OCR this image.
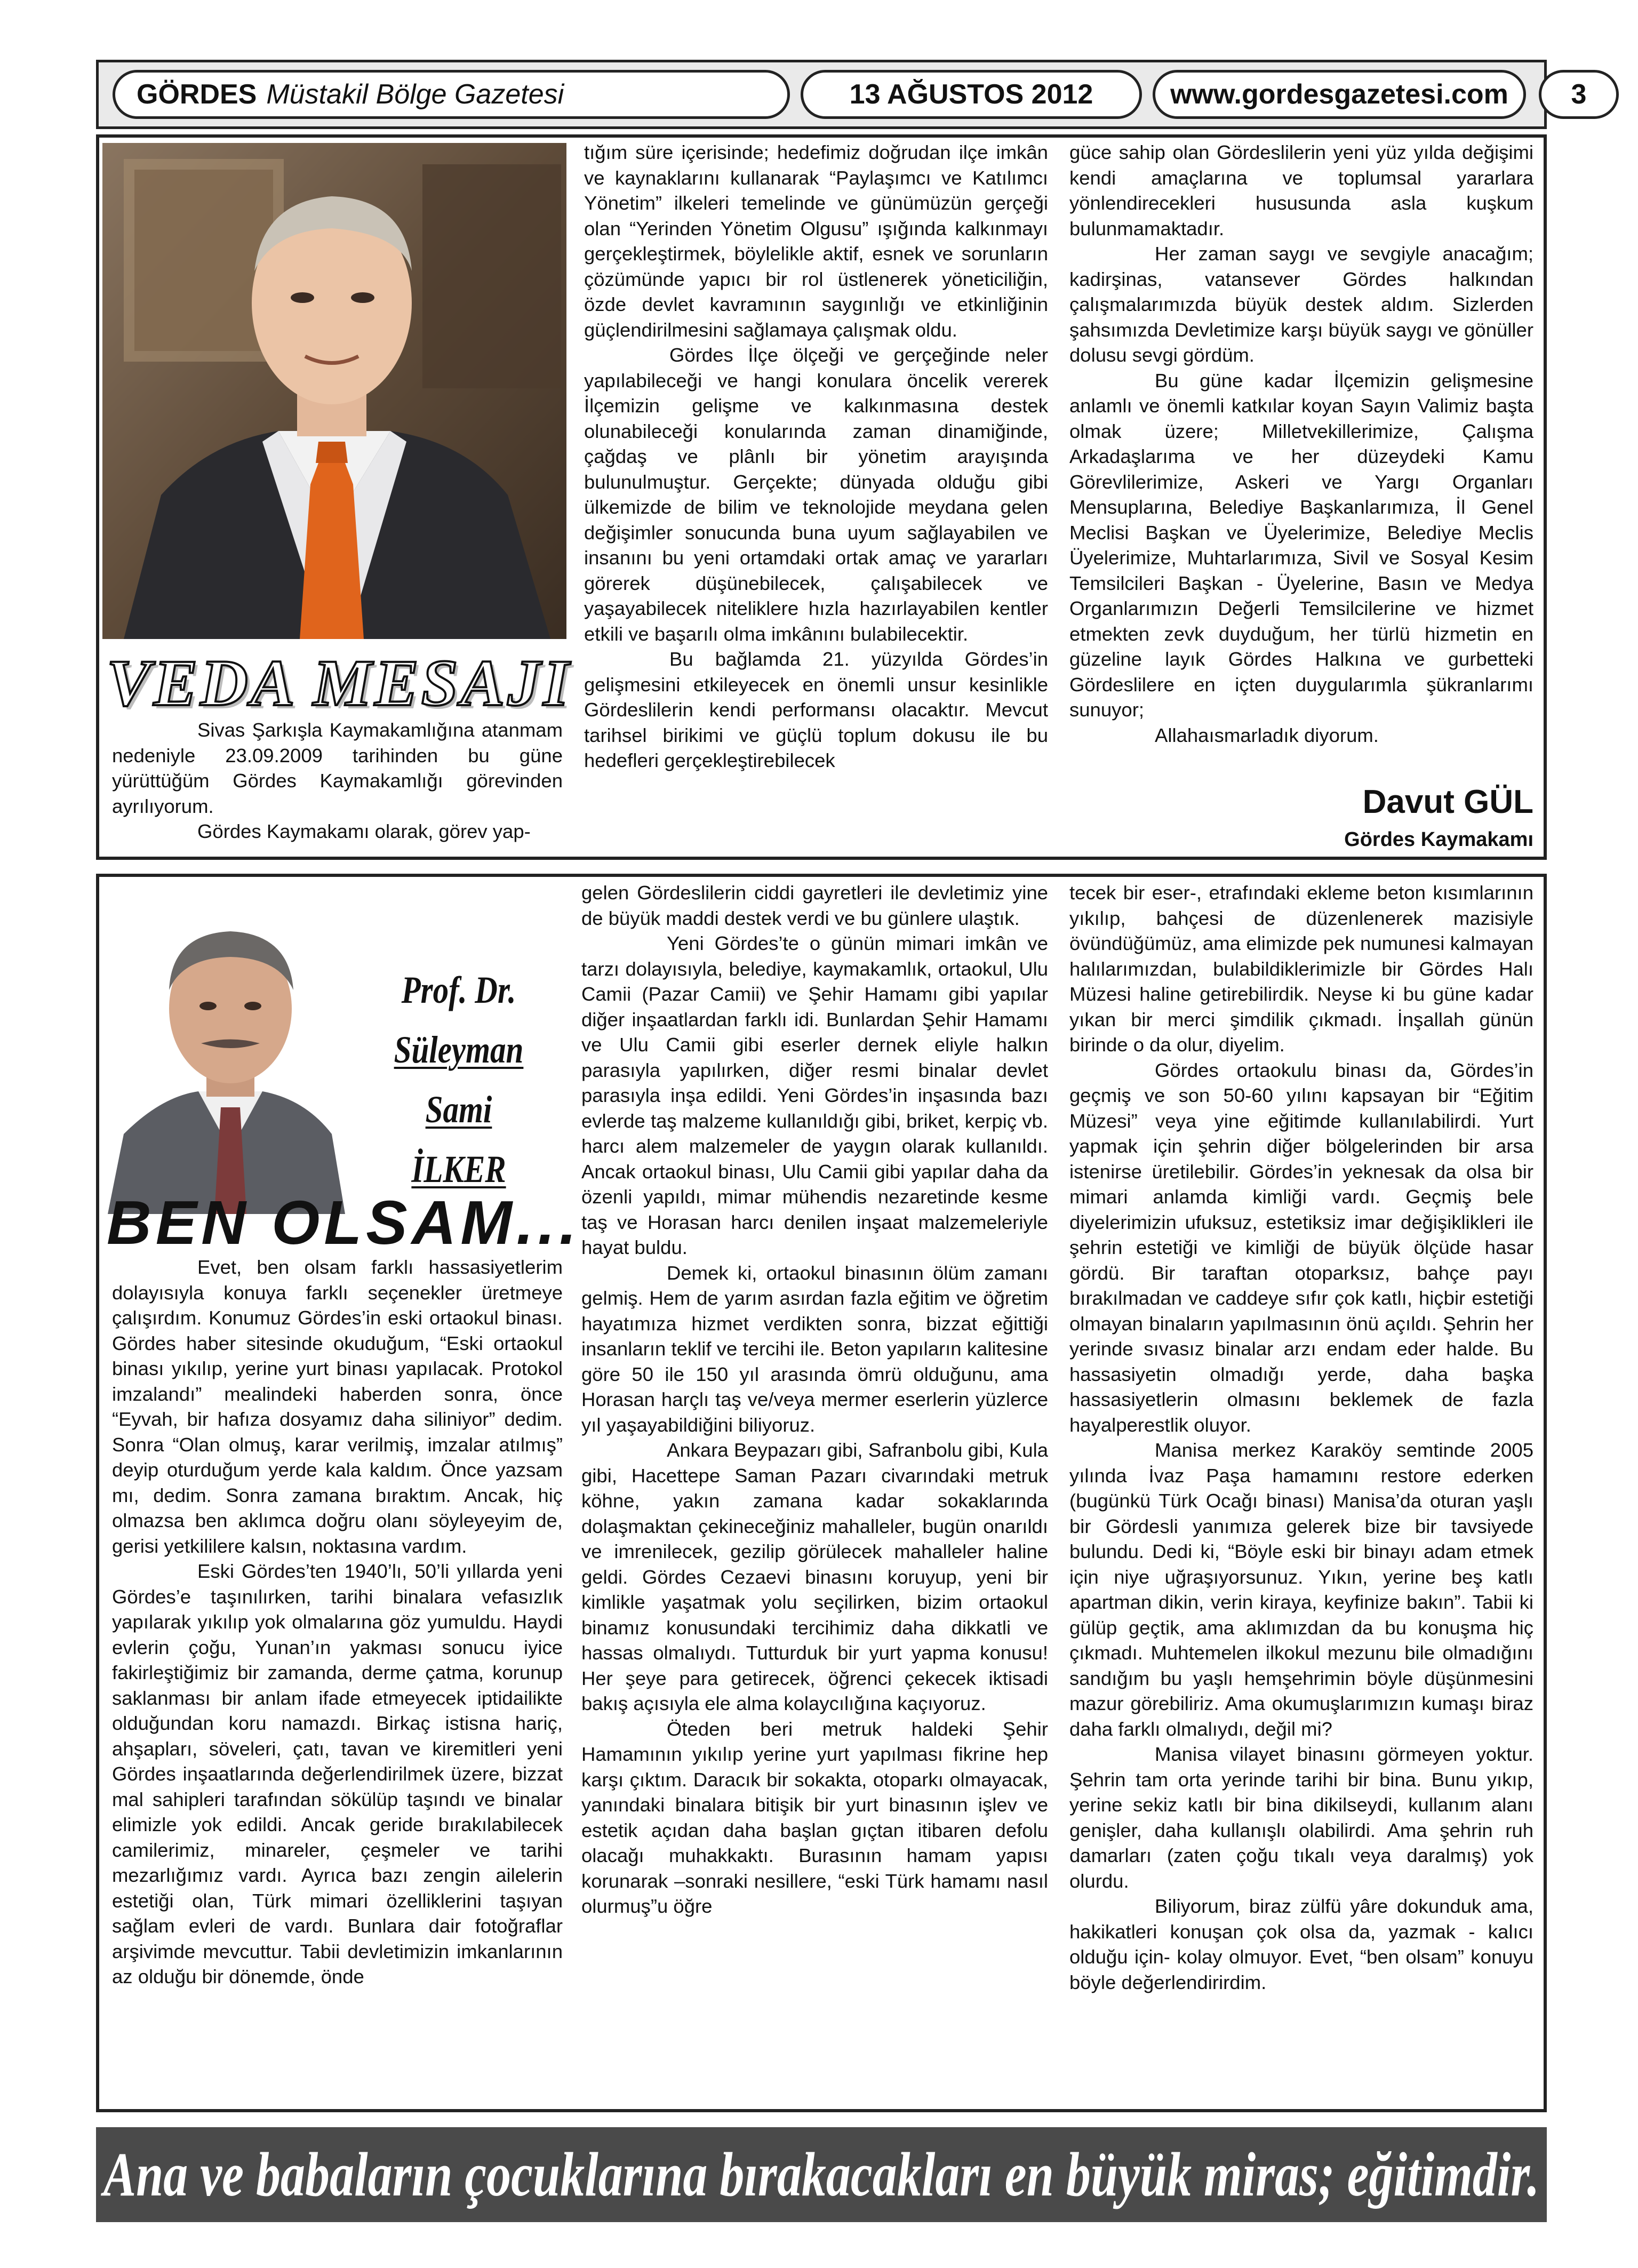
GÖRDES Müstakil Bölge Gazetesi	13 AĞUSTOS 2012	www.gordesgazetesi.com	3
VEDA MESAJI

Sivas Şarkışla Kaymakamlığına atanmam nedeniyle 23.09.2009 tarihinden bu güne yürüttüğüm Gördes Kaymakamlığı görevinden ayrılıyorum.

Gördes Kaymakamı olarak, görev yap-

tığım süre içerisinde; hedefimiz doğrudan ilçe imkân ve kaynaklarını kullanarak “Paylaşımcı ve Katılımcı Yönetim” ilkeleri temelinde ve günümüzün gerçeği olan “Yerinden Yönetim Olgusu” ışığında kalkınmayı gerçekleştirmek, böylelikle aktif, esnek ve sorunların çözümünde yapıcı bir rol üstlenerek yöneticiliğin, özde devlet kavramının saygınlığı ve etkinliğinin güçlendirilmesini sağlamaya çalışmak oldu.

Gördes İlçe ölçeği ve gerçeğinde neler yapılabileceği ve hangi konulara öncelik vererek İlçemizin gelişme ve kalkınmasına destek olunabileceği konularında zaman dinamiğinde, çağdaş ve plânlı bir yönetim arayışında bulunulmuştur. Gerçekte; dünyada olduğu gibi ülkemizde de bilim ve teknolojide meydana gelen değişimler sonucunda buna uyum sağlayabilen ve insanını bu yeni ortamdaki ortak amaç ve yararları görerek düşünebilecek, çalışabilecek ve yaşayabilecek niteliklere hızla hazırlayabilen kentler etkili ve başarılı olma imkânını bulabilecektir.

Bu bağlamda 21. yüzyılda Gördes’in gelişmesini etkileyecek en önemli unsur kesinlikle Gördeslilerin kendi performansı olacaktır. Mevcut tarihsel birikimi ve güçlü toplum dokusu ile bu hedefleri gerçekleştirebilecek

güce sahip olan Gördeslilerin yeni yüz yılda değişimi kendi amaçlarına ve toplumsal yararlara yönlendirecekleri hususunda asla kuşkum bulunmamaktadır.

Her zaman saygı ve sevgiyle anacağım; kadirşinas, vatansever Gördes halkından çalışmalarımızda büyük destek aldım. Sizlerden şahsımızda Devletimize karşı büyük saygı ve gönüller dolusu sevgi gördüm.

Bu güne kadar İlçemizin gelişmesine anlamlı ve önemli katkılar koyan Sayın Valimiz başta olmak üzere; Milletvekillerimize, Çalışma Arkadaşlarıma ve her düzeydeki Kamu Görevlilerimize, Askeri ve Yargı Organları Mensuplarına, Belediye Başkanlarımıza, İl Genel Meclisi Başkan ve Üyelerimize, Belediye Meclis Üyelerimize, Muhtarlarımıza, Sivil ve Sosyal Kesim Temsilcileri Başkan - Üyelerine, Basın ve Medya Organlarımızın Değerli Temsilcilerine ve hizmet etmekten zevk duyduğum, her türlü hizmetin en güzeline layık Gördes Halkına ve gurbetteki Gördeslilere en içten duygularımla şükranlarımı sunuyor;

Allahaısmarladık diyorum.

Davut GÜL
Gördes Kaymakamı
Prof. Dr.
Süleyman Sami
İLKER
BEN OLSAM...

Evet, ben olsam farklı hassasiyetlerim dolayısıyla konuya farklı seçenekler üretmeye çalışırdım. Konumuz Gördes’in eski ortaokul binası. Gördes haber sitesinde okuduğum, “Eski ortaokul binası yıkılıp, yerine yurt binası yapılacak. Protokol imzalandı” mealindeki haberden sonra, önce “Eyvah, bir hafıza dosyamız daha siliniyor” dedim. Sonra “Olan olmuş, karar verilmiş, imzalar atılmış” deyip oturduğum yerde kala kaldım. Önce yazsam mı, dedim. Sonra zamana bıraktım. Ancak, hiç olmazsa ben aklımca doğru olanı söyleyeyim de, gerisi yetkililere kalsın, noktasına vardım.

Eski Gördes’ten 1940’lı, 50’li yıllarda yeni Gördes’e taşınılırken, tarihi binalara vefasızlık yapılarak yıkılıp yok olmalarına göz yumuldu. Haydi evlerin çoğu, Yunan’ın yakması sonucu iyice fakirleştiğimiz bir zamanda, derme çatma, korunup saklanması bir anlam ifade etmeyecek iptidailikte olduğundan koru namazdı. Birkaç istisna hariç, ahşapları, söveleri, çatı, tavan ve kiremitleri yeni Gördes inşaatlarında değerlendirilmek üzere, bizzat mal sahipleri tarafından sökülüp taşındı ve binalar elimizle yok edildi. Ancak geride bırakılabilecek camilerimiz, minareler, çeşmeler ve tarihi mezarlığımız vardı. Ayrıca bazı zengin ailelerin estetiği olan, Türk mimari özelliklerini taşıyan sağlam evleri de vardı. Bunlara dair fotoğraflar arşivimde mevcuttur. Tabii devletimizin imkanlarının az olduğu bir dönemde, önde

gelen Gördeslilerin ciddi gayretleri ile devletimiz yine de büyük maddi destek verdi ve bu günlere ulaştık.

Yeni Gördes’te o günün mimari imkân ve tarzı dolayısıyla, belediye, kaymakamlık, ortaokul, Ulu Camii (Pazar Camii) ve Şehir Hamamı gibi yapılar diğer inşaatlardan farklı idi. Bunlardan Şehir Hamamı ve Ulu Camii gibi eserler dernek eliyle halkın parasıyla yapılırken, diğer resmi binalar devlet parasıyla inşa edildi. Yeni Gördes’in inşasında bazı evlerde taş malzeme kullanıldığı gibi, briket, kerpiç vb. harcı alem malzemeler de yaygın olarak kullanıldı. Ancak ortaokul binası, Ulu Camii gibi yapılar daha da özenli yapıldı, mimar mühendis nezaretinde kesme taş ve Horasan harcı denilen inşaat malzemeleriyle hayat buldu.

Demek ki, ortaokul binasının ölüm zamanı gelmiş. Hem de yarım asırdan fazla eğitim ve öğretim hayatımıza hizmet verdikten sonra, bizzat eğittiği insanların teklif ve tercihi ile. Beton yapıların kalitesine göre 50 ile 150 yıl arasında ömrü olduğunu, ama Horasan harçlı taş ve/veya mermer eserlerin yüzlerce yıl yaşayabildiğini biliyoruz.

Ankara Beypazarı gibi, Safranbolu gibi, Kula gibi, Hacettepe Saman Pazarı civarındaki metruk köhne, yakın zamana kadar sokaklarında dolaşmaktan çekineceğiniz mahalleler, bugün onarıldı ve imrenilecek, gezilip görülecek mahalleler haline geldi. Gördes Cezaevi binasını koruyup, yeni bir kimlikle yaşatmak yolu seçilirken, bizim ortaokul binamız konusundaki tercihimiz daha dikkatli ve hassas olmalıydı. Tutturduk bir yurt yapma konusu! Her şeye para getirecek, öğrenci çekecek iktisadi bakış açısıyla ele alma kolaycılığına kaçıyoruz.

Öteden beri metruk haldeki Şehir Hamamının yıkılıp yerine yurt yapılması fikrine hep karşı çıktım. Daracık bir sokakta, otoparkı olmayacak, yanındaki binalara bitişik bir yurt binasının işlev ve estetik açıdan daha başlan gıçtan itibaren defolu olacağı muhakkaktı. Burasının hamam yapısı korunarak –sonraki nesillere, “eski Türk hamamı nasıl olurmuş”u öğre

tecek bir eser-, etrafındaki ekleme beton kısımlarının yıkılıp, bahçesi de düzenlenerek mazisiyle övündüğümüz, ama elimizde pek numunesi kalmayan halılarımızdan, bulabildiklerimizle bir Gördes Halı Müzesi haline getirebilirdik. Neyse ki bu güne kadar yıkan bir merci şimdilik çıkmadı. İnşallah günün birinde o da olur, diyelim.

Gördes ortaokulu binası da, Gördes’in geçmiş ve son 50-60 yılını kapsayan bir “Eğitim Müzesi” veya yine eğitimde kullanılabilirdi. Yurt yapmak için şehrin diğer bölgelerinden bir arsa istenirse üretilebilir. Gördes’in yeknesak da olsa bir mimari anlamda kimliği vardı. Geçmiş bele diyelerimizin ufuksuz, estetiksiz imar değişiklikleri ile şehrin estetiği ve kimliği de büyük ölçüde hasar gördü. Bir taraftan otoparksız, bahçe payı bırakılmadan ve caddeye sıfır çok katlı, hiçbir estetiği olmayan binaların yapılmasının önü açıldı. Şehrin her yerinde sıvasız binalar arzı endam eder halde. Bu hassasiyetin olmadığı yerde, daha başka hassasiyetlerin olmasını beklemek de fazla hayalperestlik oluyor.

Manisa merkez Karaköy semtinde 2005 yılında İvaz Paşa hamamını restore ederken (bugünkü Türk Ocağı binası) Manisa’da oturan yaşlı bir Gördesli yanımıza gelerek bize bir tavsiyede bulundu. Dedi ki, “Böyle eski bir binayı adam etmek için niye uğraşıyorsunuz. Yıkın, yerine beş katlı apartman dikin, verin kiraya, keyfinize bakın”. Tabii ki gülüp geçtik, ama aklımızdan da bu konuşma hiç çıkmadı. Muhtemelen ilkokul mezunu bile olmadığını sandığım bu yaşlı hemşehrimin böyle düşünmesini mazur görebiliriz. Ama okumuşlarımızın kumaşı biraz daha farklı olmalıydı, değil mi?

Manisa vilayet binasını görmeyen yoktur. Şehrin tam orta yerinde tarihi bir bina. Bunu yıkıp, yerine sekiz katlı bir bina dikilseydi, kullanım alanı genişler, daha kullanışlı olabilirdi. Ama şehrin ruh damarları (zaten çoğu tıkalı veya daralmış) yok olurdu.

Biliyorum, biraz zülfü yâre dokunduk ama, hakikatleri konuşan çok olsa da, yazmak - kalıcı olduğu için- kolay olmuyor. Evet, “ben olsam” konuyu böyle değerlendirirdim.

Ana ve babaların çocuklarına bırakacakları en büyük miras; eğitimdir.
